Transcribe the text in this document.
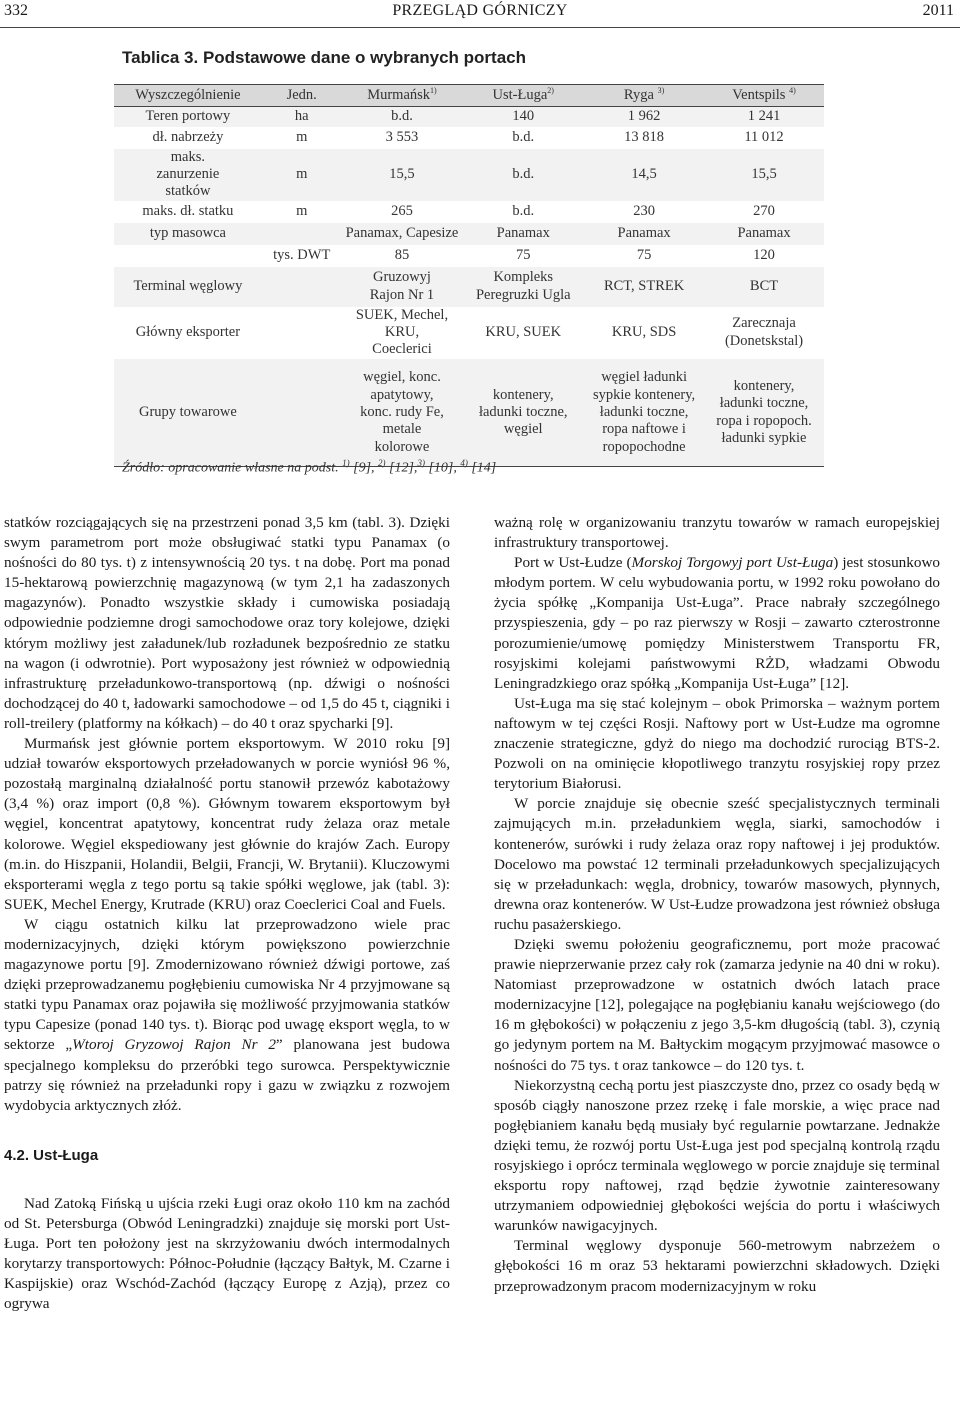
332	PRZEGLĄD GÓRNICZY	2011
Tablica 3. Podstawowe dane o wybranych portach
Wyszczególnienie	Jedn.	Murmańsk$^{1)}$	Ust-Ługa$^{2)}$	Ryga $^{3)}$	Ventspils $^{4)}$
Teren portowy	ha	b.d.	140	1 962	1 241
dł. nabrzeży	m	3 553	b.d.	13 818	11 012
maks. zanurzenie statków	m	15,5	b.d.	14,5	15,5
maks. dł. statku	m	265	b.d.	230	270
typ masowca		Panamax, Capesize	Panamax	Panamax	Panamax
	tys. DWT	85	75	75	120
Terminal węglowy		Gruzowyj Rajon Nr 1	Kompleks Peregruzki Ugla	RCT, STREK	BCT
Główny eksporter		SUEK, Mechel, KRU, Coeclerici	KRU, SUEK	KRU, SDS	Zarecznaja (Donetskstal)
Grupy towarowe		węgiel, konc. apatytowy, konc. rudy Fe, metale kolorowe	kontenery, ładunki toczne, węgiel	węgiel ładunki sypkie kontenery, ładunki toczne, ropa naftowe i ropopochodne	kontenery, ładunki toczne, ropa i ropopoch. ładunki sypkie
Źródło: opracowanie własne na podst. $^{1)}$ [9], $^{2)}$ [12],$^{3)}$ [10], $^{4)}$ [14]

statków rozciągających się na przestrzeni ponad 3,5 km (tabl. 3). Dzięki swym parametrom port może obsługiwać statki typu Panamax (o nośności do 80 tys. t) z intensywnością 20 tys. t na dobę. Port ma ponad 15-hektarową powierzchnię magazynową (w tym 2,1 ha zadaszonych magazynów). Ponadto wszystkie składy i cumowiska posiadają odpowiednie podziemne drogi samochodowe oraz tory kolejowe, dzięki którym możliwy jest załadunek/lub rozładunek bezpośrednio ze statku na wagon (i odwrotnie). Port wyposażony jest również w odpowiednią infrastrukturę przeładunkowo-transportową (np. dźwigi o nośności dochodzącej do 40 t, ładowarki samochodowe – od 1,5 do 45 t, ciągniki i roll-treilery (platformy na kółkach) – do 40 t oraz spycharki [9].

Murmańsk jest głównie portem eksportowym. W 2010 roku [9] udział towarów eksportowych przeładowanych w porcie wyniósł 96 %, pozostałą marginalną działalność portu stanowił przewóz kabotażowy (3,4 %) oraz import (0,8 %). Głównym towarem eksportowym był węgiel, koncentrat apatytowy, koncentrat rudy żelaza oraz metale kolorowe. Węgiel ekspediowany jest głównie do krajów Zach. Europy (m.in. do Hiszpanii, Holandii, Belgii, Francji, W. Brytanii). Kluczowymi eksporterami węgla z tego portu są takie spółki węglowe, jak (tabl. 3): SUEK, Mechel Energy, Krutrade (KRU) oraz Coeclerici Coal and Fuels.

W ciągu ostatnich kilku lat przeprowadzono wiele prac modernizacyjnych, dzięki którym powiększono powierzchnie magazynowe portu [9]. Zmodernizowano również dźwigi portowe, zaś dzięki przeprowadzanemu pogłębieniu cumowiska Nr 4 przyjmowane są statki typu Panamax oraz pojawiła się możliwość przyjmowania statków typu Capesize (ponad 140 tys. t). Biorąc pod uwagę eksport węgla, to w sektorze „Wtoroj Gryzowoj Rajon Nr 2” planowana jest budowa specjalnego kompleksu do przeróbki tego surowca. Perspektywicznie patrzy się również na przeładunki ropy i gazu w związku z rozwojem wydobycia arktycznych złóż.

4.2. Ust-Ługa

Nad Zatoką Fińską u ujścia rzeki Ługi oraz około 110 km na zachód od St. Petersburga (Obwód Leningradzki) znajduje się morski port Ust-Ługa. Port ten położony jest na skrzyżowaniu dwóch intermodalnych korytarzy transportowych: Północ-Południe (łączący Bałtyk, M. Czarne i Kaspijskie) oraz Wschód-Zachód (łączący Europę z Azją), przez co ogrywa

ważną rolę w organizowaniu tranzytu towarów w ramach europejskiej infrastruktury transportowej.

Port w Ust-Łudze (Morskoj Torgowyj port Ust-Ługa) jest stosunkowo młodym portem. W celu wybudowania portu, w 1992 roku powołano do życia spółkę „Kompanija Ust-Ługa”. Prace nabrały szczególnego przyspieszenia, gdy – po raz pierwszy w Rosji – zawarto czterostronne porozumienie/umowę pomiędzy Ministerstwem Transportu FR, rosyjskimi kolejami państwowymi RŻD, władzami Obwodu Leningradzkiego oraz spółką „Kompanija Ust-Ługa” [12].

Ust-Ługa ma się stać kolejnym – obok Primorska – ważnym portem naftowym w tej części Rosji. Naftowy port w Ust-Łudze ma ogromne znaczenie strategiczne, gdyż do niego ma dochodzić rurociąg BTS-2. Pozwoli on na ominięcie kłopotliwego tranzytu rosyjskiej ropy przez terytorium Białorusi.

W porcie znajduje się obecnie sześć specjalistycznych terminali zajmujących m.in. przeładunkiem węgla, siarki, samochodów i kontenerów, surówki i rudy żelaza oraz ropy naftowej i jej produktów. Docelowo ma powstać 12 terminali przeładunkowych specjalizujących się w przeładunkach: węgla, drobnicy, towarów masowych, płynnych, drewna oraz kontenerów. W Ust-Łudze prowadzona jest również obsługa ruchu pasażerskiego.

Dzięki swemu położeniu geograficznemu, port może pracować prawie nieprzerwanie przez cały rok (zamarza jedynie na 40 dni w roku). Natomiast przeprowadzone w ostatnich dwóch latach prace modernizacyjne [12], polegające na pogłębianiu kanału wejściowego (do 16 m głębokości) w połączeniu z jego 3,5-km długością (tabl. 3), czynią go jedynym portem na M. Bałtyckim mogącym przyjmować masowce o nośności do 75 tys. t oraz tankowce – do 120 tys. t.

Niekorzystną cechą portu jest piaszczyste dno, przez co osady będą w sposób ciągły nanoszone przez rzekę i fale morskie, a więc prace nad pogłębianiem kanału będą musiały być regularnie powtarzane. Jednakże dzięki temu, że rozwój portu Ust-Ługa jest pod specjalną kontrolą rządu rosyjskiego i oprócz terminala węglowego w porcie znajduje się terminal eksportu ropy naftowej, rząd będzie żywotnie zainteresowany utrzymaniem odpowiedniej głębokości wejścia do portu i właściwych warunków nawigacyjnych.

Terminal węglowy dysponuje 560-metrowym nabrzeżem o głębokości 16 m oraz 53 hektarami powierzchni składowych. Dzięki przeprowadzonym pracom modernizacyjnym w roku
